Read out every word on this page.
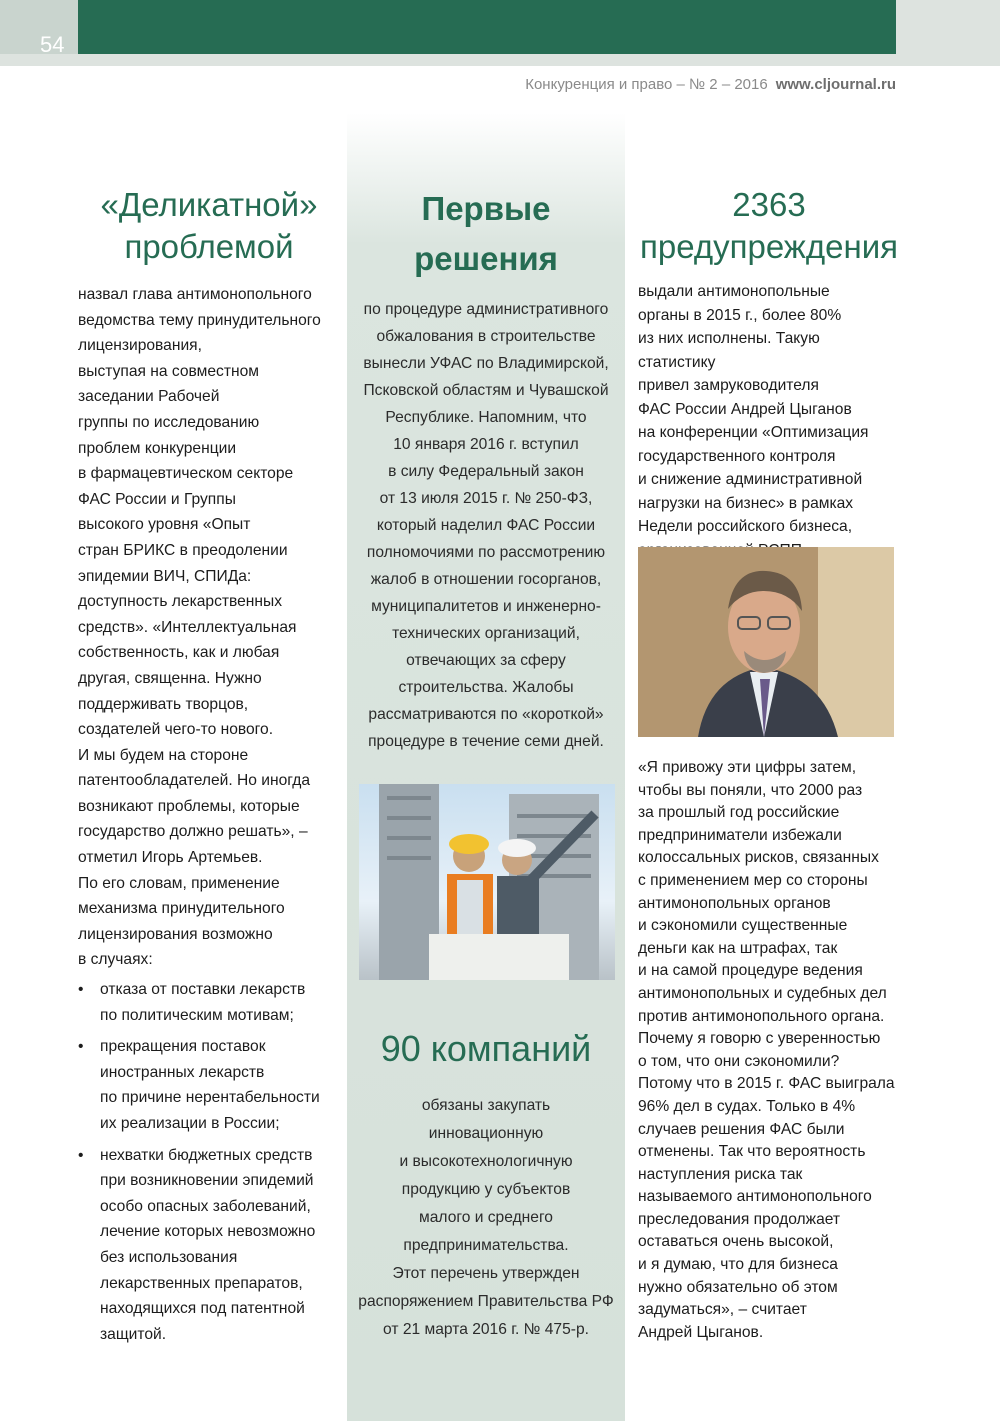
54
Конкуренция и право – № 2 – 2016 www.cljournal.ru
«Деликатной»
проблемой

назвал глава антимонопольного

ведомства тему принудительного

лицензирования,

выступая на совместном

заседании Рабочей

группы по исследованию

проблем конкуренции

в фармацевтическом секторе

ФАС России и Группы

высокого уровня «Опыт

стран БРИКС в преодолении

эпидемии ВИЧ, СПИДа:

доступность лекарственных

средств». «Интеллектуальная

собственность, как и любая

другая, священна. Нужно

поддерживать творцов,

создателей чего-то нового.

И мы будем на стороне

патентообладателей. Но иногда

возникают проблемы, которые

государство должно решать», –

отметил Игорь Артемьев.

По его словам, применение

механизма принудительного

лицензирования возможно

в случаях:

• отказа от поставки лекарств
по политическим мотивам;
• прекращения поставок
иностранных лекарств
по причине нерентабельности
их реализации в России;
• нехватки бюджетных средств
при возникновении эпидемий
особо опасных заболеваний,
лечение которых невозможно
без использования
лекарственных препаратов,
находящихся под патентной
защитой.
Первые
решения

по процедуре административного

обжалования в строительстве

вынесли УФАС по Владимирской,

Псковской областям и Чувашской

Республике. Напомним, что

10 января 2016 г. вступил

в силу Федеральный закон

от 13 июля 2015 г. № 250-ФЗ,

который наделил ФАС России

полномочиями по рассмотрению

жалоб в отношении госорганов,

муниципалитетов и инженерно-

технических организаций,

отвечающих за сферу

строительства. Жалобы

рассматриваются по «короткой»

процедуре в течение семи дней.

90 компаний

обязаны закупать

инновационную

и высокотехнологичную

продукцию у субъектов

малого и среднего

предпринимательства.

Этот перечень утвержден

распоряжением Правительства РФ

от 21 марта 2016 г. № 475-р.

2363
предупреждения

выдали антимонопольные

органы в 2015 г., более 80%

из них исполнены. Такую статистику

привел замруководителя

ФАС России Андрей Цыганов

на конференции «Оптимизация

государственного контроля

и снижение административной

нагрузки на бизнес» в рамках

Недели российского бизнеса,

«Я привожу эти цифры затем,

чтобы вы поняли, что 2000 раз

за прошлый год российские

предприниматели избежали

колоссальных рисков, связанных

с применением мер со стороны

антимонопольных органов

и сэкономили существенные

деньги как на штрафах, так

и на самой процедуре ведения

антимонопольных и судебных дел

против антимонопольного органа.

Почему я говорю с уверенностью

о том, что они сэкономили?

Потому что в 2015 г. ФАС выиграла

96% дел в судах. Только в 4%

случаев решения ФАС были

отменены. Так что вероятность

наступления риска так

называемого антимонопольного

преследования продолжает

оставаться очень высокой,

и я думаю, что для бизнеса

нужно обязательно об этом

задуматься», – считает

Андрей Цыганов.
